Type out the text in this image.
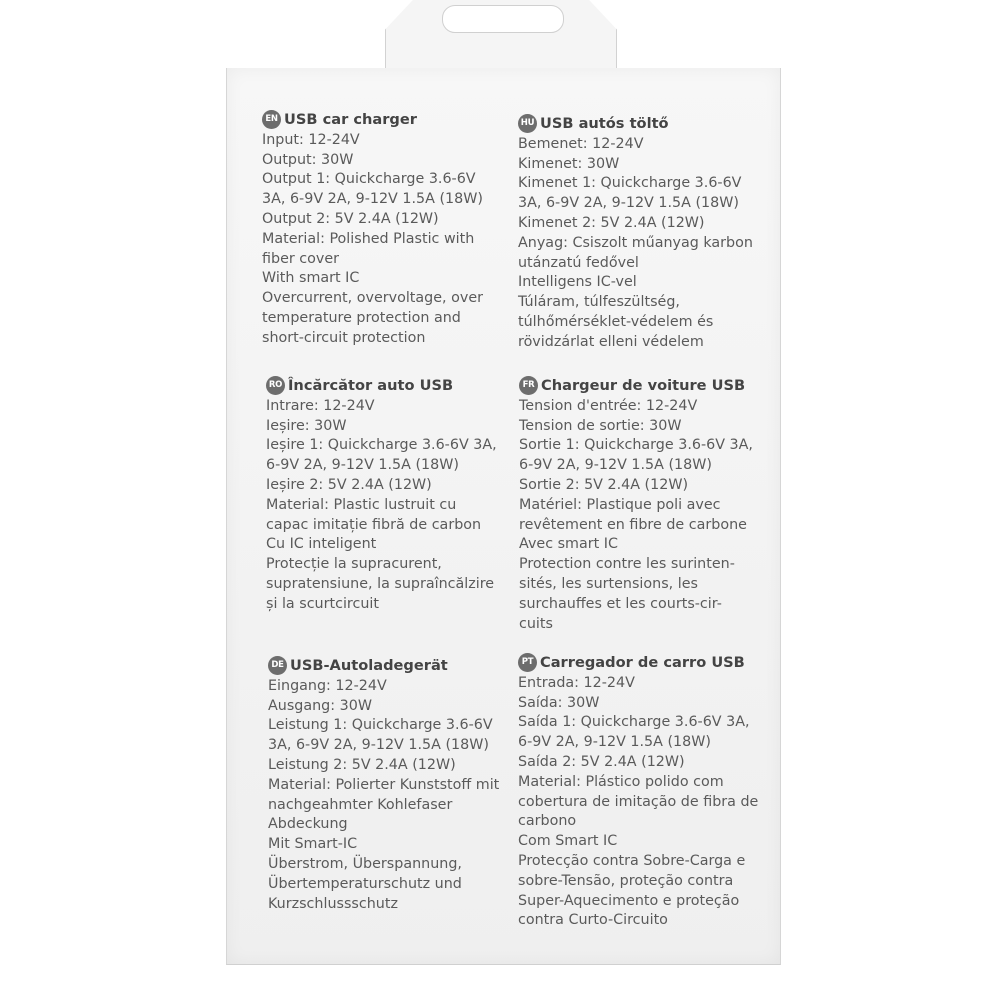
EN USB car charger
Input: 12-24V
Output: 30W
Output 1: Quickcharge 3.6-6V
3A, 6-9V 2A, 9-12V 1.5A (18W)
Output 2: 5V 2.4A (12W)
Material: Polished Plastic with
fiber cover
With smart IC
Overcurrent, overvoltage, over
temperature protection and
short-circuit protection
HU USB autós töltő
Bemenet: 12-24V
Kimenet: 30W
Kimenet 1: Quickcharge 3.6-6V
3A, 6-9V 2A, 9-12V 1.5A (18W)
Kimenet 2: 5V 2.4A (12W)
Anyag: Csiszolt műanyag karbon
utánzatú fedővel
Intelligens IC-vel
Túláram, túlfeszültség,
túlhőmérséklet-védelem és
rövidzárlat elleni védelem
RO Încărcător auto USB
Intrare: 12-24V
Ieșire: 30W
Ieșire 1: Quickcharge 3.6-6V 3A,
6-9V 2A, 9-12V 1.5A (18W)
Ieșire 2: 5V 2.4A (12W)
Material: Plastic lustruit cu
capac imitație fibră de carbon
Cu IC inteligent
Protecție la supracurent,
supratensiune, la supraîncălzire
și la scurtcircuit
FR Chargeur de voiture USB
Tension d'entrée: 12-24V
Tension de sortie: 30W
Sortie 1: Quickcharge 3.6-6V 3A,
6-9V 2A, 9-12V 1.5A (18W)
Sortie 2: 5V 2.4A (12W)
Matériel: Plastique poli avec
revêtement en fibre de carbone
Avec smart IC
Protection contre les surinten-
sités, les surtensions, les
surchauffes et les courts-cir-
cuits
DE USB-Autoladegerät
Eingang: 12-24V
Ausgang: 30W
Leistung 1: Quickcharge 3.6-6V
3A, 6-9V 2A, 9-12V 1.5A (18W)
Leistung 2: 5V 2.4A (12W)
Material: Polierter Kunststoff mit
nachgeahmter Kohlefaser
Abdeckung
Mit Smart-IC
Überstrom, Überspannung,
Übertemperaturschutz und
Kurzschlussschutz
PT Carregador de carro USB
Entrada: 12-24V
Saída: 30W
Saída 1: Quickcharge 3.6-6V 3A,
6-9V 2A, 9-12V 1.5A (18W)
Saída 2: 5V 2.4A (12W)
Material: Plástico polido com
cobertura de imitação de fibra de
carbono
Com Smart IC
Protecção contra Sobre-Carga e
sobre-Tensão, proteção contra
Super-Aquecimento e proteção
contra Curto-Circuito
